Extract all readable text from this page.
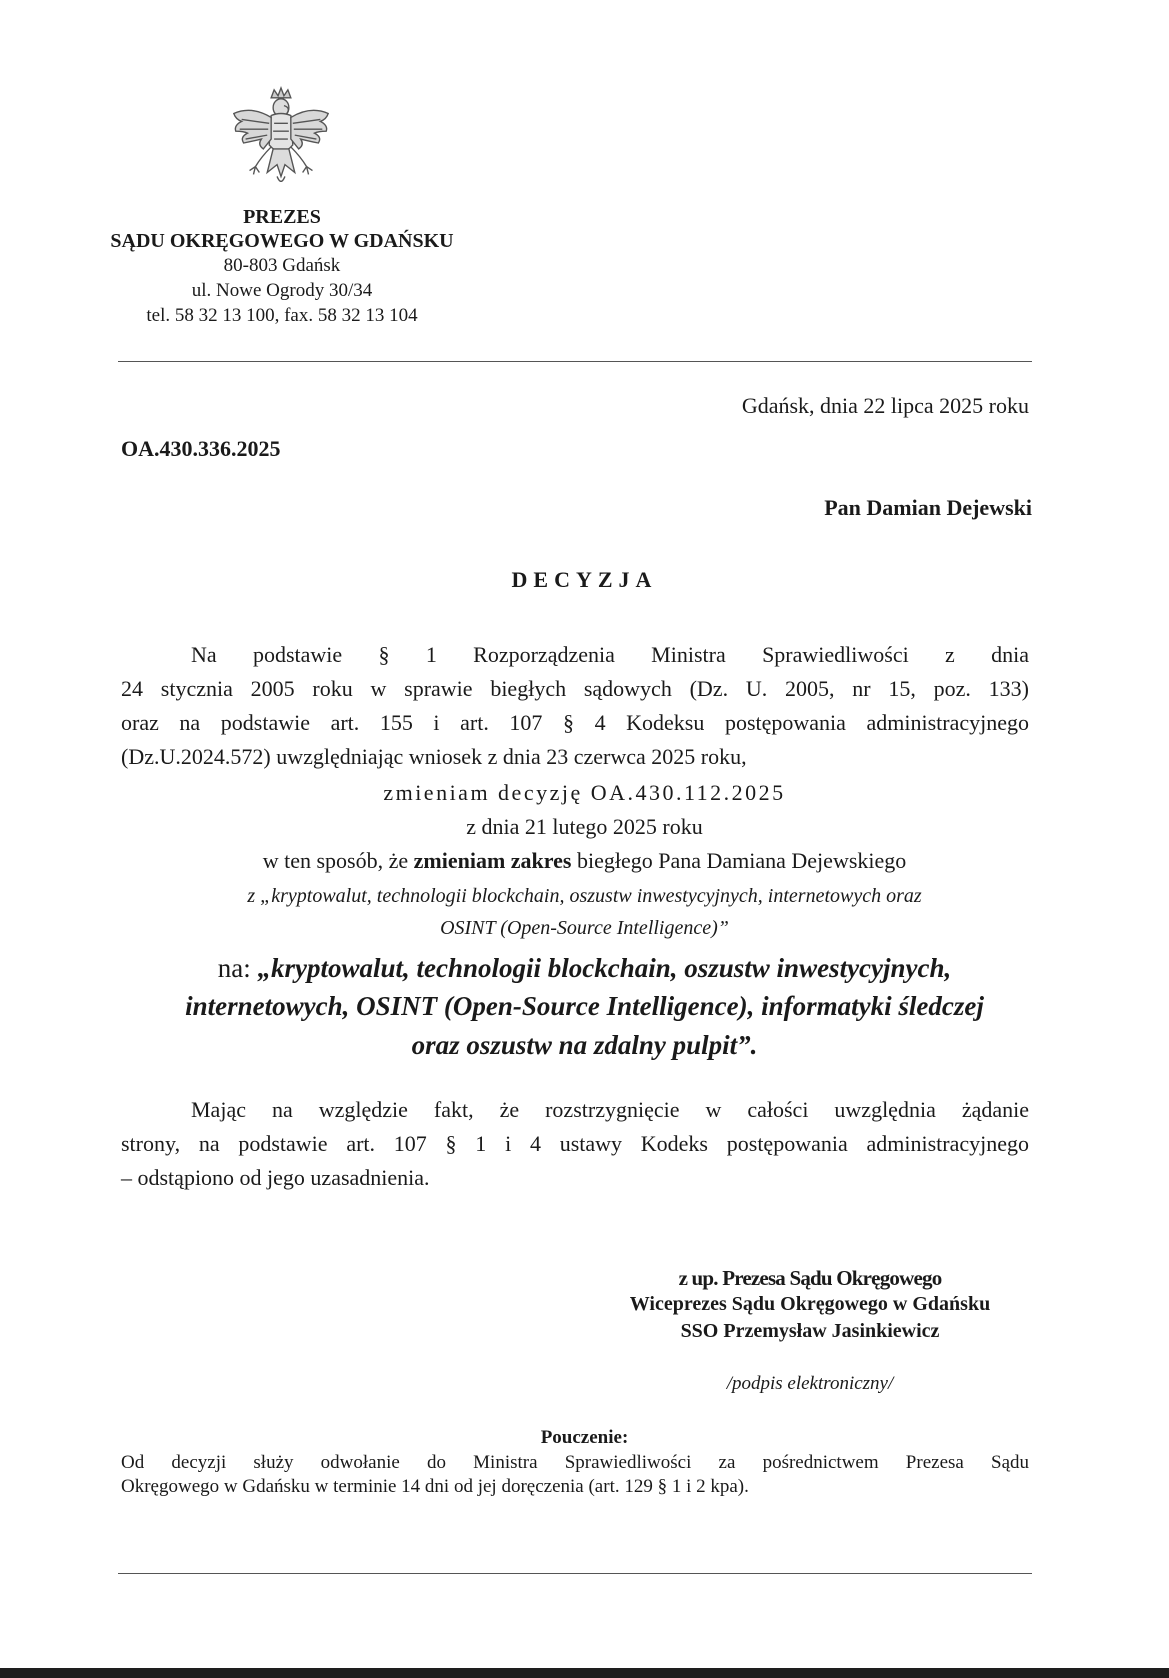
PREZES
SĄDU OKRĘGOWEGO W GDAŃSKU
80-803 Gdańsk
ul. Nowe Ogrody 30/34
tel. 58 32 13 100, fax. 58 32 13 104
Gdańsk, dnia 22 lipca 2025 roku
OA.430.336.2025
Pan Damian Dejewski
DECYZJA
Na podstawie § 1 Rozporządzenia Ministra Sprawiedliwości z dnia
24 stycznia 2005 roku w sprawie biegłych sądowych (Dz. U. 2005, nr 15, poz. 133)
oraz na podstawie art. 155 i art. 107 § 4 Kodeksu postępowania administracyjnego
(Dz.U.2024.572) uwzględniając wniosek z dnia 23 czerwca 2025 roku,
zmieniam decyzję OA.430.112.2025
z dnia 21 lutego 2025 roku
w ten sposób, że zmieniam zakres biegłego Pana Damiana Dejewskiego
z „kryptowalut, technologii blockchain, oszustw inwestycyjnych, internetowych oraz
OSINT (Open-Source Intelligence)”
na: „kryptowalut, technologii blockchain, oszustw inwestycyjnych,
internetowych, OSINT (Open-Source Intelligence), informatyki śledczej
oraz oszustw na zdalny pulpit”.
Mając na względzie fakt, że rozstrzygnięcie w całości uwzględnia żądanie
strony, na podstawie art. 107 § 1 i 4 ustawy Kodeks postępowania administracyjnego
– odstąpiono od jego uzasadnienia.
z up. Prezesa Sądu Okręgowego
Wiceprezes Sądu Okręgowego w Gdańsku
SSO Przemysław Jasinkiewicz
/podpis elektroniczny/
Pouczenie:
Od decyzji służy odwołanie do Ministra Sprawiedliwości za pośrednictwem Prezesa Sądu
Okręgowego w Gdańsku w terminie 14 dni od jej doręczenia (art. 129 § 1 i 2 kpa).
